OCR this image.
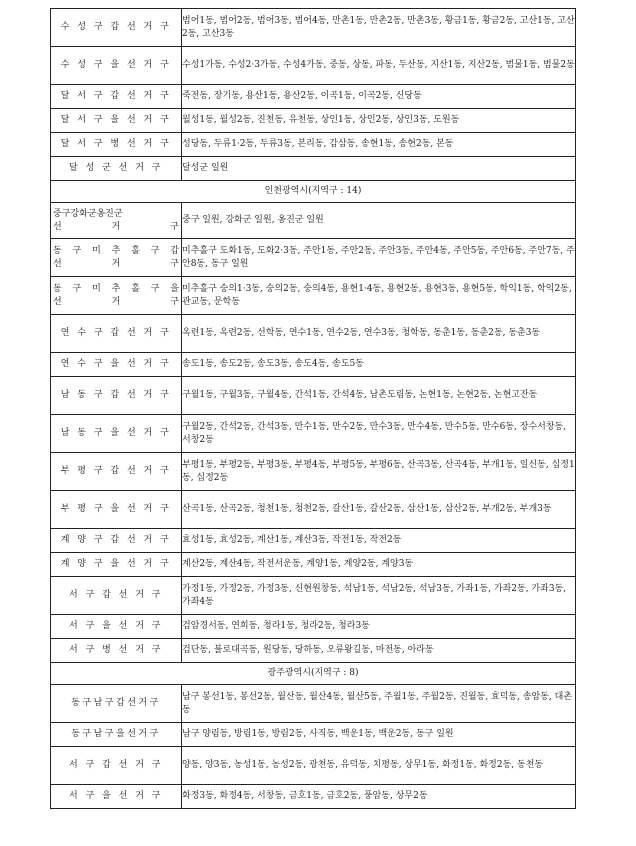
수 성 구 갑 선 거 구	범어1동, 범어2동, 범어3동, 범어4동, 만촌1동, 만촌2동, 만촌3동, 황금1동, 황금2동, 고산1동, 고산2동, 고산3동

수 성 구 을 선 거 구	수성1가동, 수성2·3가동, 수성4가동, 중동, 상동, 파동, 두산동, 지산1동, 지산2동, 범물1동, 범물2동

달 서 구 갑 선 거 구	죽전동, 장기동, 용산1동, 용산2동, 이곡1동, 이곡2동, 신당동

달 서 구 을 선 거 구	월성1동, 월성2동, 진천동, 유천동, 상인1동, 상인2동, 상인3동, 도원동

달 서 구 병 선 거 구	성당동, 두류1·2동, 두류3동, 본리동, 감삼동, 송현1동, 송현2동, 본동

달 성 군 선 거 구	달성군 일원

인천광역시(지역구 : 14)	

중구강화군옹진군
선 거 구	중구 일원, 강화군 일원, 옹진군 일원

동 구 미 추 홀 구 갑
선 거 구	미추홀구 도화1동, 도화2·3동, 주안1동, 주안2동, 주안3동, 주안4동, 주안5동, 주안6동, 주안7동, 주안8동, 동구 일원

동 구 미 추 홀 구 을
선 거 구	미추홀구 숭의1·3동, 숭의2동, 숭의4동, 용현1·4동, 용현2동, 용현3동, 용현5동, 학익1동, 학익2동, 관교동, 문학동

연 수 구 갑 선 거 구	옥련1동, 옥련2동, 선학동, 연수1동, 연수2동, 연수3동, 청학동, 동춘1동, 동춘2동, 동춘3동

연 수 구 을 선 거 구	송도1동, 송도2동, 송도3동, 송도4동, 송도5동

남 동 구 갑 선 거 구	구월1동, 구월3동, 구월4동, 간석1동, 간석4동, 남촌도림동, 논현1동, 논현2동, 논현고잔동

남 동 구 을 선 거 구	구월2동, 간석2동, 간석3동, 만수1동, 만수2동, 만수3동, 만수4동, 만수5동, 만수6동, 장수서창동, 서창2동

부 평 구 갑 선 거 구	부평1동, 부평2동, 부평3동, 부평4동, 부평5동, 부평6동, 산곡3동, 산곡4동, 부개1동, 일신동, 십정1동, 십정2동

부 평 구 을 선 거 구	산곡1동, 산곡2동, 청천1동, 청천2동, 갈산1동, 갈산2동, 삼산1동, 삼산2동, 부개2동, 부개3동

계 양 구 갑 선 거 구	효성1동, 효성2동, 계산1동, 계산3동, 작전1동, 작전2동

계 양 구 을 선 거 구	계산2동, 계산4동, 작전서운동, 계양1동, 계양2동, 계양3동

서 구 갑 선 거 구	가정1동, 가정2동, 가정3동, 신현원창동, 석남1동, 석남2동, 석남3동, 가좌1동, 가좌2동, 가좌3동, 가좌4동

서 구 을 선 거 구	검암경서동, 연희동, 청라1동, 청라2동, 청라3동

서 구 병 선 거 구	검단동, 불로대곡동, 원당동, 당하동, 오류왕길동, 마전동, 아라동

광주광역시(지역구 : 8)	
동구남구갑선거구	남구 봉선1동, 봉선2동, 월산동, 월산4동, 월산5동, 주월1동, 주월2동, 진월동, 효덕동, 송암동, 대촌동

동구남구을선거구	남구 양림동, 방림1동, 방림2동, 사직동, 백운1동, 백운2동, 동구 일원

서 구 갑 선 거 구	양동, 양3동, 농성1동, 농성2동, 광천동, 유덕동, 치평동, 상무1동, 화정1동, 화정2동, 동천동

서 구 을 선 거 구	화정3동, 화정4동, 서창동, 금호1동, 금호2동, 풍암동, 상무2동
